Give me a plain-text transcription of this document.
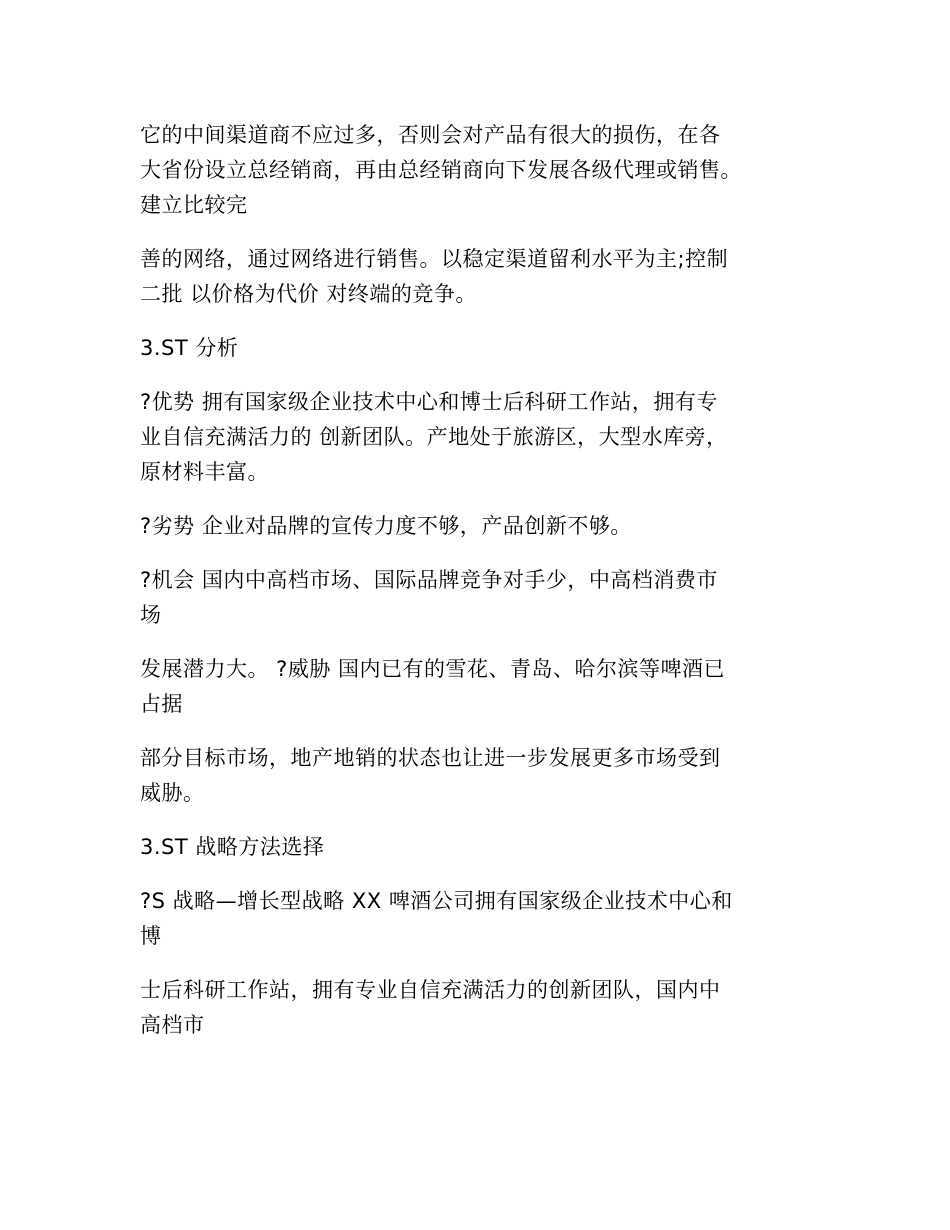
它的中间渠道商不应过多，否则会对产品有很大的损伤，在各
大省份设立总经销商，再由总经销商向下发展各级代理或销售。
建立比较完

善的网络，通过网络进行销售。以稳定渠道留利水平为主;控制
二批 以价格为代价 对终端的竞争。

3.ST 分析

?优势 拥有国家级企业技术中心和博士后科研工作站，拥有专
业自信充满活力的 创新团队。产地处于旅游区，大型水库旁，
原材料丰富。

?劣势 企业对品牌的宣传力度不够，产品创新不够。

?机会 国内中高档市场、国际品牌竞争对手少，中高档消费市
场

发展潜力大。 ?威胁 国内已有的雪花、青岛、哈尔滨等啤酒已
占据

部分目标市场，地产地销的状态也让进一步发展更多市场受到
威胁。

3.ST 战略方法选择

?S 战略—增长型战略 XX 啤酒公司拥有国家级企业技术中心和
博

士后科研工作站，拥有专业自信充满活力的创新团队，国内中
高档市
